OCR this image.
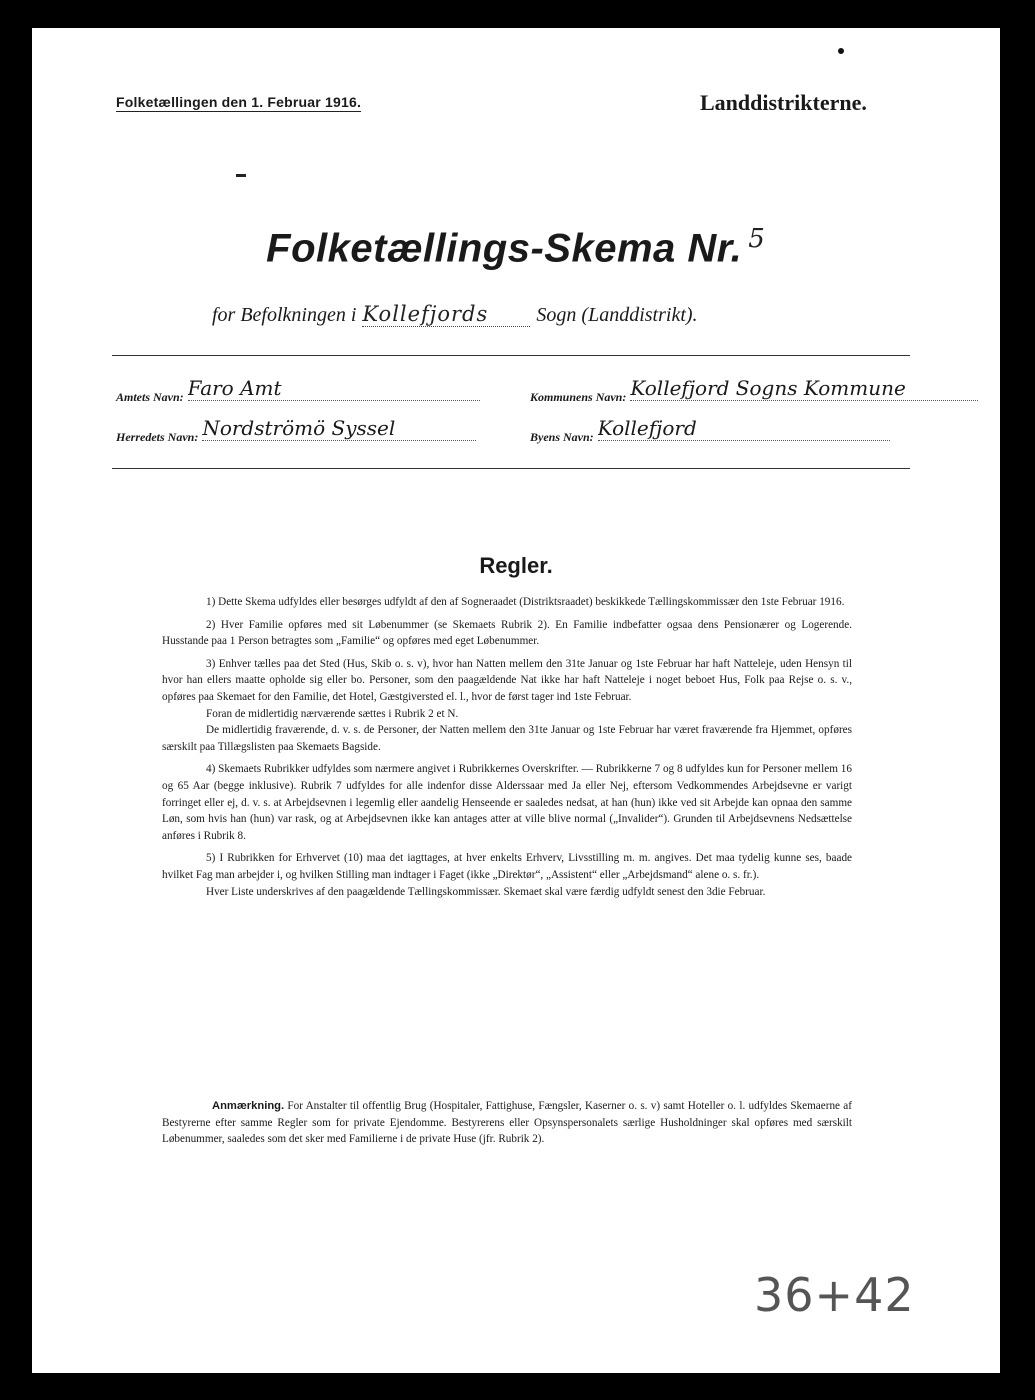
Folketællingen den 1. Februar 1916.	Landdistrikterne.
Folketællings-Skema Nr. $^5$
for Befolkningen i Kollefjords Sogn (Landdistrikt).
Amtets Navn: Faro Amt	Kommunens Navn: Kollefjord Sogns Kommune
Herredets Navn: Nordströmö Syssel	Byens Navn: Kollefjord
Regler.

1) Dette Skema udfyldes eller besørges udfyldt af den af Sogneraadet (Distriktsraadet) beskikkede Tællingskommissær den 1ste Februar 1916.

2) Hver Familie opføres med sit Løbenummer (se Skemaets Rubrik 2). En Familie indbefatter ogsaa dens Pensionærer og Logerende. Husstande paa 1 Person betragtes som „Familie“ og opføres med eget Løbenummer.

3) Enhver tælles paa det Sted (Hus, Skib o. s. v), hvor han Natten mellem den 31te Januar og 1ste Februar har haft Natteleje, uden Hensyn til hvor han ellers maatte opholde sig eller bo. Personer, som den paagældende Nat ikke har haft Natteleje i noget beboet Hus, Folk paa Rejse o. s. v., opføres paa Skemaet for den Familie, det Hotel, Gæstgiversted el. l., hvor de først tager ind 1ste Februar.

Foran de midlertidig nærværende sættes i Rubrik 2 et N.

De midlertidig fraværende, d. v. s. de Personer, der Natten mellem den 31te Januar og 1ste Februar har været fraværende fra Hjemmet, opføres særskilt paa Tillægslisten paa Skemaets Bagside.

4) Skemaets Rubrikker udfyldes som nærmere angivet i Rubrikkernes Overskrifter. — Rubrikkerne 7 og 8 udfyldes kun for Personer mellem 16 og 65 Aar (begge inklusive). Rubrik 7 udfyldes for alle indenfor disse Alderssaar med Ja eller Nej, eftersom Vedkommendes Arbejdsevne er varigt forringet eller ej, d. v. s. at Arbejdsevnen i legemlig eller aandelig Henseende er saaledes nedsat, at han (hun) ikke ved sit Arbejde kan opnaa den samme Løn, som hvis han (hun) var rask, og at Arbejdsevnen ikke kan antages atter at ville blive normal („Invalider“). Grunden til Arbejdsevnens Nedsættelse anføres i Rubrik 8.

5) I Rubrikken for Erhvervet (10) maa det iagttages, at hver enkelts Erhverv, Livsstilling m. m. angives. Det maa tydelig kunne ses, baade hvilket Fag man arbejder i, og hvilken Stilling man indtager i Faget (ikke „Direktør“, „Assistent“ eller „Arbejdsmand“ alene o. s. fr.).

Hver Liste underskrives af den paagældende Tællingskommissær. Skemaet skal være færdig udfyldt senest den 3die Februar.

Anmærkning. For Anstalter til offentlig Brug (Hospitaler, Fattighuse, Fængsler, Kaserner o. s. v) samt Hoteller o. l. udfyldes Skemaerne af Bestyrerne efter samme Regler som for private Ejendomme. Bestyrerens eller Opsynspersonalets særlige Husholdninger skal opføres med særskilt Løbenummer, saaledes som det sker med Familierne i de private Huse (jfr. Rubrik 2).

36+42
